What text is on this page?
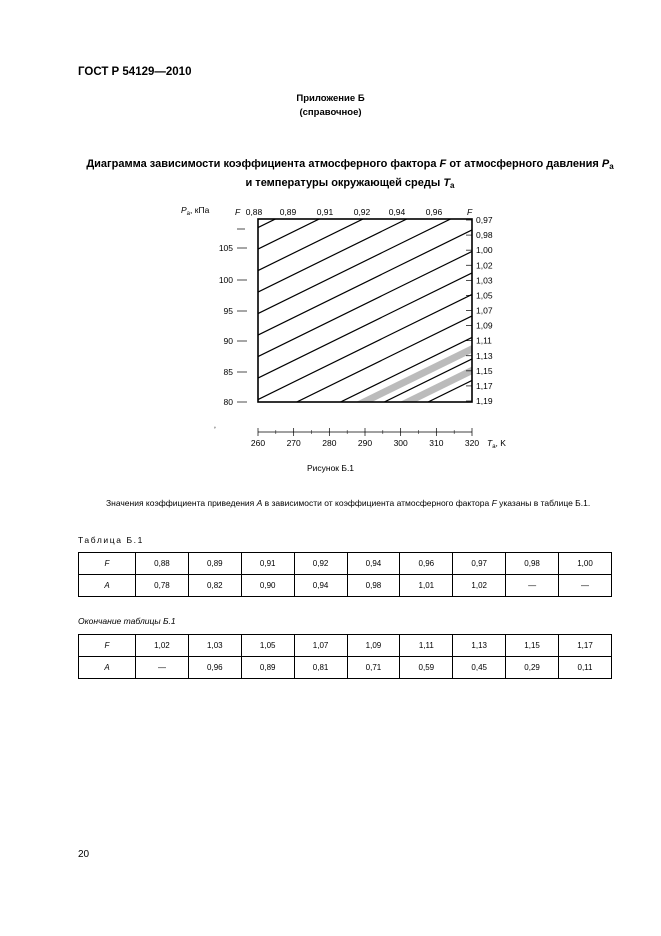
ГОСТ Р 54129—2010
Приложение Б
(справочное)
Диаграмма зависимости коэффициента атмосферного фактора F от атмосферного давления $P_a$
и температуры окружающей среды $T_a$
$P_a$, кПа
105
100
95
90
85
80
F 0,88 0,89 0,91 0,92 0,94 0,96	F
0,97
0,98
1,00
1,02
1,03
1,05
1,07
1,09
1,11
1,13
1,15
1,17
1,19
260	270	280	290	300	310	320 $T_a$, K
ʼ
Рисунок Б.1
Значения коэффициента приведения A в зависимости от коэффициента атмосферного фактора F указаны в таблице Б.1.
Таблица Б.1
F	0,88	0,89	0,91	0,92	0,94	0,96	0,97	0,98	1,00
A	0,78	0,82	0,90	0,94	0,98	1,01	1,02	—	—
Окончание таблицы Б.1
F	1,02	1,03	1,05	1,07	1,09	1,11	1,13	1,15	1,17
A	—	0,96	0,89	0,81	0,71	0,59	0,45	0,29	0,11
20
